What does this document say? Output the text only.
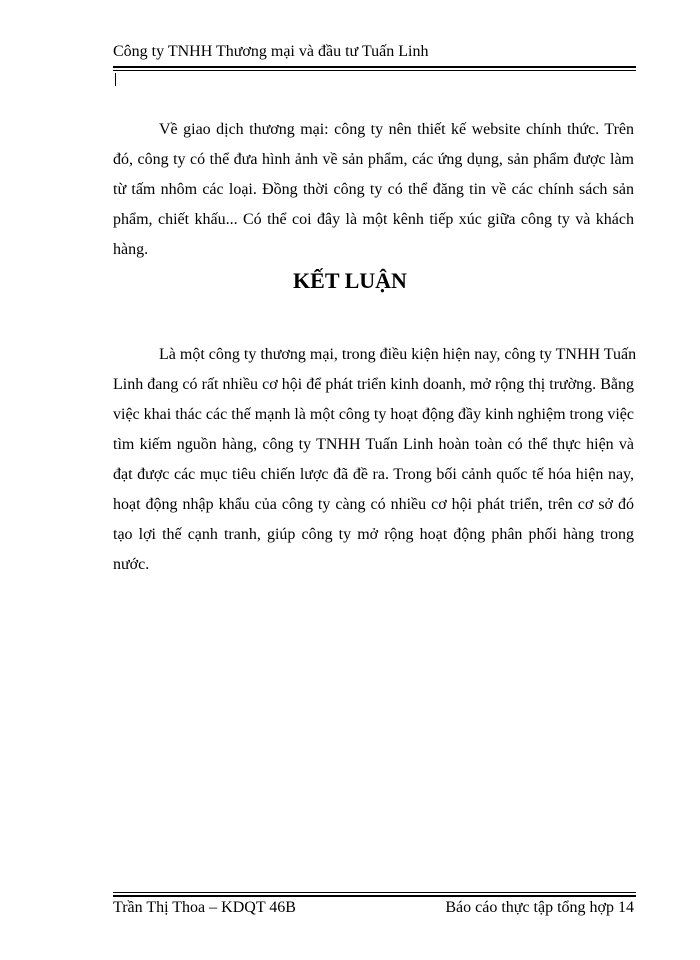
Công ty TNHH Thương mại và đầu tư Tuấn Linh
Về giao dịch thương mại: công ty nên thiết kế website chính thức. Trên
đó, công ty có thể đưa hình ảnh về sản phẩm, các ứng dụng, sản phẩm được làm
từ tấm nhôm các loại. Đồng thời công ty có thể đăng tin về các chính sách sản
phẩm, chiết khấu... Có thể coi đây là một kênh tiếp xúc giữa công ty và khách
hàng.
KẾT LUẬN
Là một công ty thương mại, trong điều kiện hiện nay, công ty TNHH Tuấn
Linh đang có rất nhiều cơ hội để phát triển kinh doanh, mở rộng thị trường. Bằng
việc khai thác các thế mạnh là một công ty hoạt động đầy kinh nghiệm trong việc
tìm kiếm nguồn hàng, công ty TNHH Tuấn Linh hoàn toàn có thể thực hiện và
đạt được các mục tiêu chiến lược đã đề ra. Trong bối cảnh quốc tế hóa hiện nay,
hoạt động nhập khẩu của công ty càng có nhiều cơ hội phát triển, trên cơ sở đó
tạo lợi thế cạnh tranh, giúp công ty mở rộng hoạt động phân phối hàng trong
nước.
Trần Thị Thoa – KDQT 46B	Báo cáo thực tập tổng hợp 14
